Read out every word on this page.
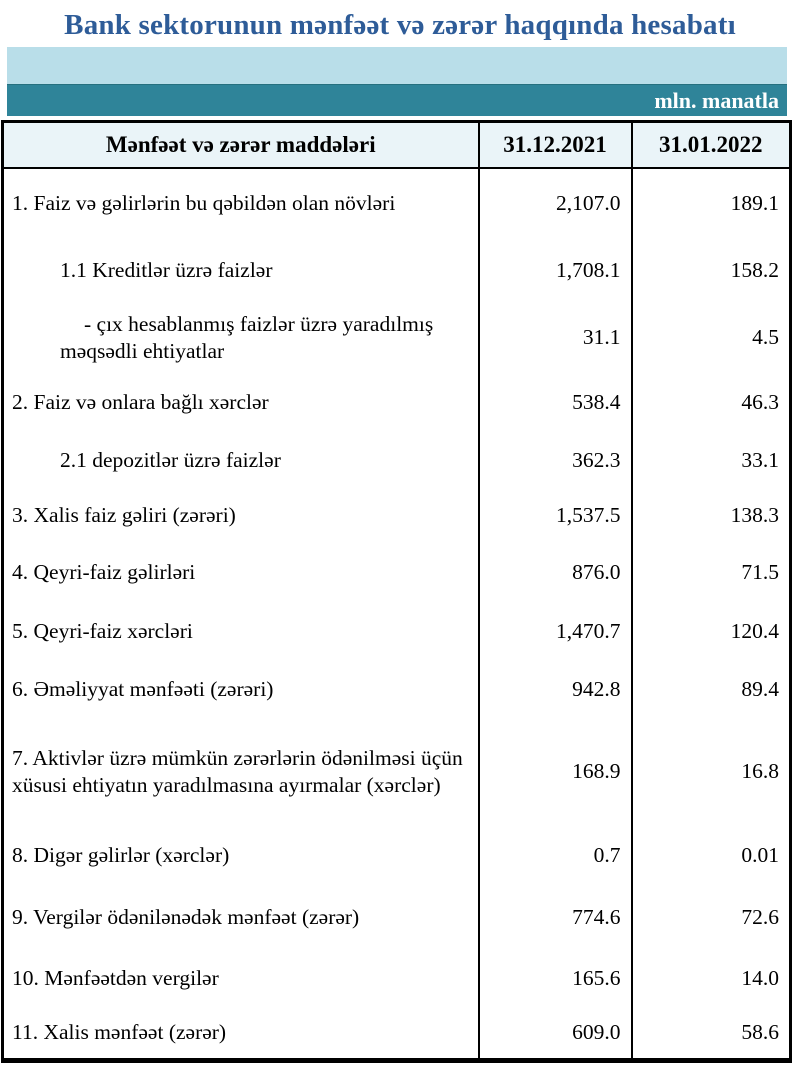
Bank sektorunun mənfəət və zərər haqqında hesabatı
mln. manatla
Mənfəət və zərər maddələri	31.12.2021	31.01.2022
1. Faiz və gəlirlərin bu qəbildən olan növləri	2,107.0	189.1
1.1 Kreditlər üzrə faizlər	1,708.1	158.2
- çıx hesablanmış faizlər üzrə yaradılmış məqsədli ehtiyatlar	31.1	4.5
2. Faiz və onlara bağlı xərclər	538.4	46.3
2.1 depozitlər üzrə faizlər	362.3	33.1
3. Xalis faiz gəliri (zərəri)	1,537.5	138.3
4. Qeyri-faiz gəlirləri	876.0	71.5
5. Qeyri-faiz xərcləri	1,470.7	120.4
6. Əməliyyat mənfəəti (zərəri)	942.8	89.4
7. Aktivlər üzrə mümkün zərərlərin ödənilməsi üçün xüsusi ehtiyatın yaradılmasına ayırmalar (xərclər)	168.9	16.8
8. Digər gəlirlər (xərclər)	0.7	0.01
9. Vergilər ödənilənədək mənfəət (zərər)	774.6	72.6
10. Mənfəətdən vergilər	165.6	14.0
11. Xalis mənfəət (zərər)	609.0	58.6
